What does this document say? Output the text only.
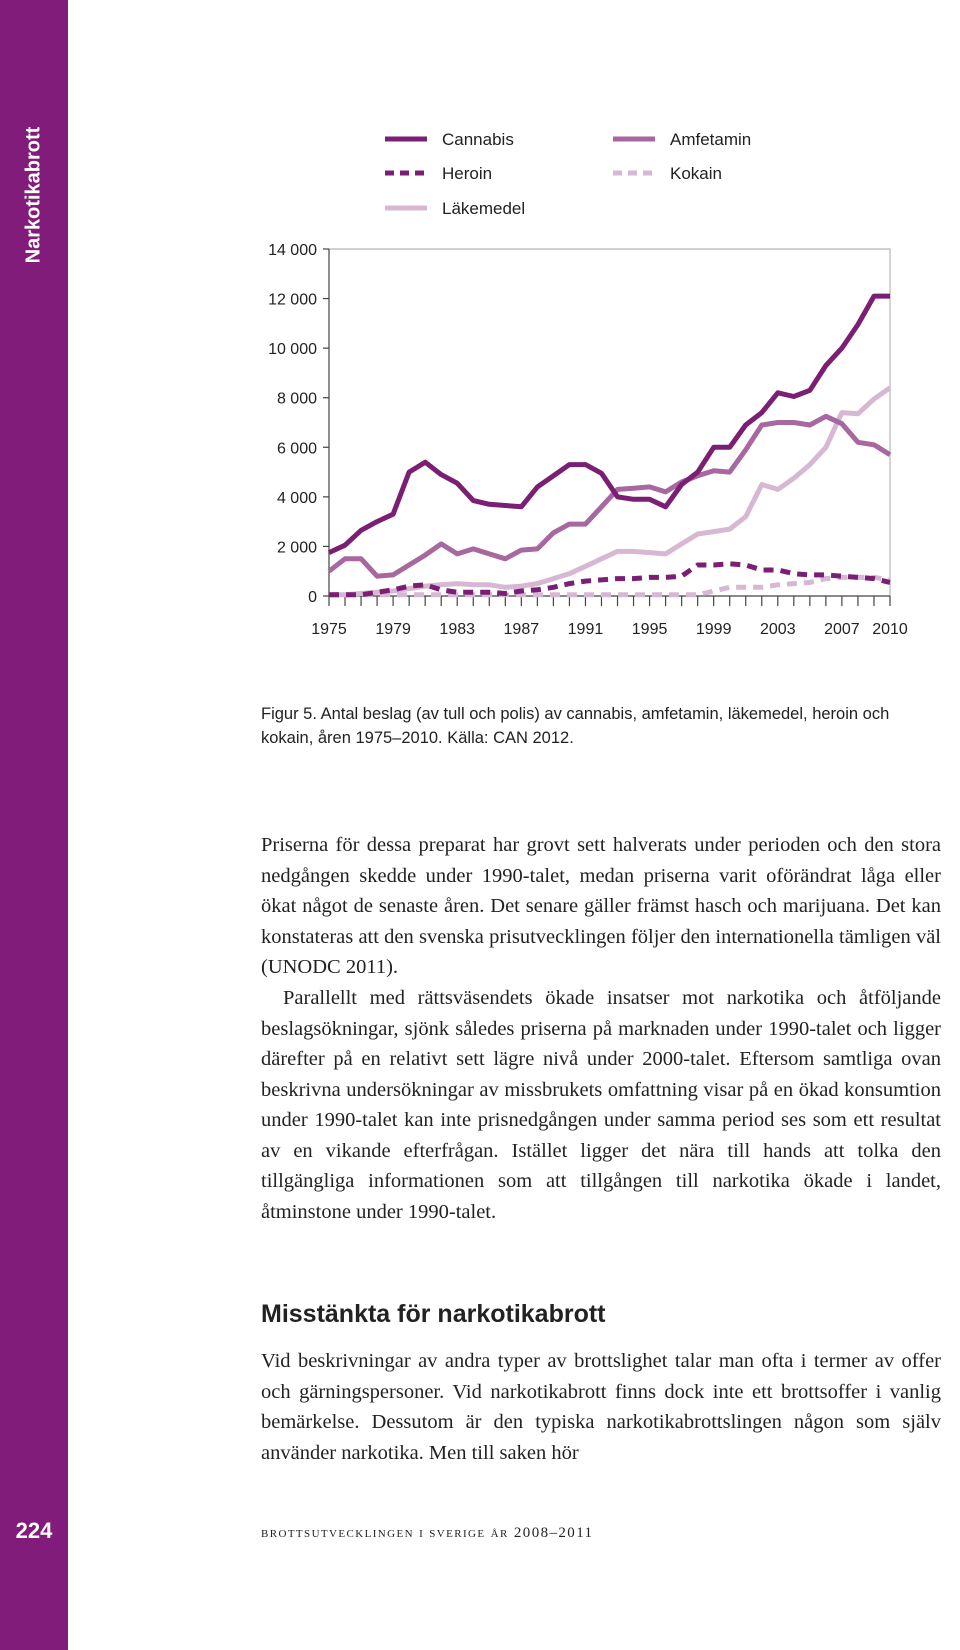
Narkotikabrott
224
0
2 000
4 000
6 000
8 000
10 000
12 000
14 000
1975 1979 1983 1987 1991 1995 1999 2003 2007 2010
Cannabis	Amfetamin
Heroin	Kokain
Läkemedel
Figur 5. Antal beslag (av tull och polis) av cannabis, amfetamin, läkemedel, heroin och kokain, åren 1975–2010. Källa: CAN 2012.

Priserna för dessa preparat har grovt sett halverats under perioden och den stora nedgången skedde under 1990-talet, medan priserna varit oförändrat låga eller ökat något de senaste åren. Det senare gäller främst hasch och marijuana. Det kan konstateras att den svenska prisutvecklingen följer den internationella tämligen väl (UNODC 2011).

Parallellt med rättsväsendets ökade insatser mot narkotika och åtföljande beslagsökningar, sjönk således priserna på marknaden under 1990-talet och ligger därefter på en relativt sett lägre nivå under 2000-talet. Eftersom samtliga ovan beskrivna undersökningar av missbrukets omfattning visar på en ökad konsumtion under 1990-talet kan inte prisnedgången under samma period ses som ett resultat av en vikande efterfrågan. Istället ligger det nära till hands att tolka den tillgängliga informationen som att tillgången till narkotika ökade i landet, åtminstone under 1990-talet.

Misstänkta för narkotikabrott

Vid beskrivningar av andra typer av brottslighet talar man ofta i termer av offer och gärningspersoner. Vid narkotikabrott finns dock inte ett brottsoffer i vanlig bemärkelse. Dessutom är den typiska narkotikabrottslingen någon som själv använder narkotika. Men till saken hör

brottsutvecklingen i sverige år 2008–2011
